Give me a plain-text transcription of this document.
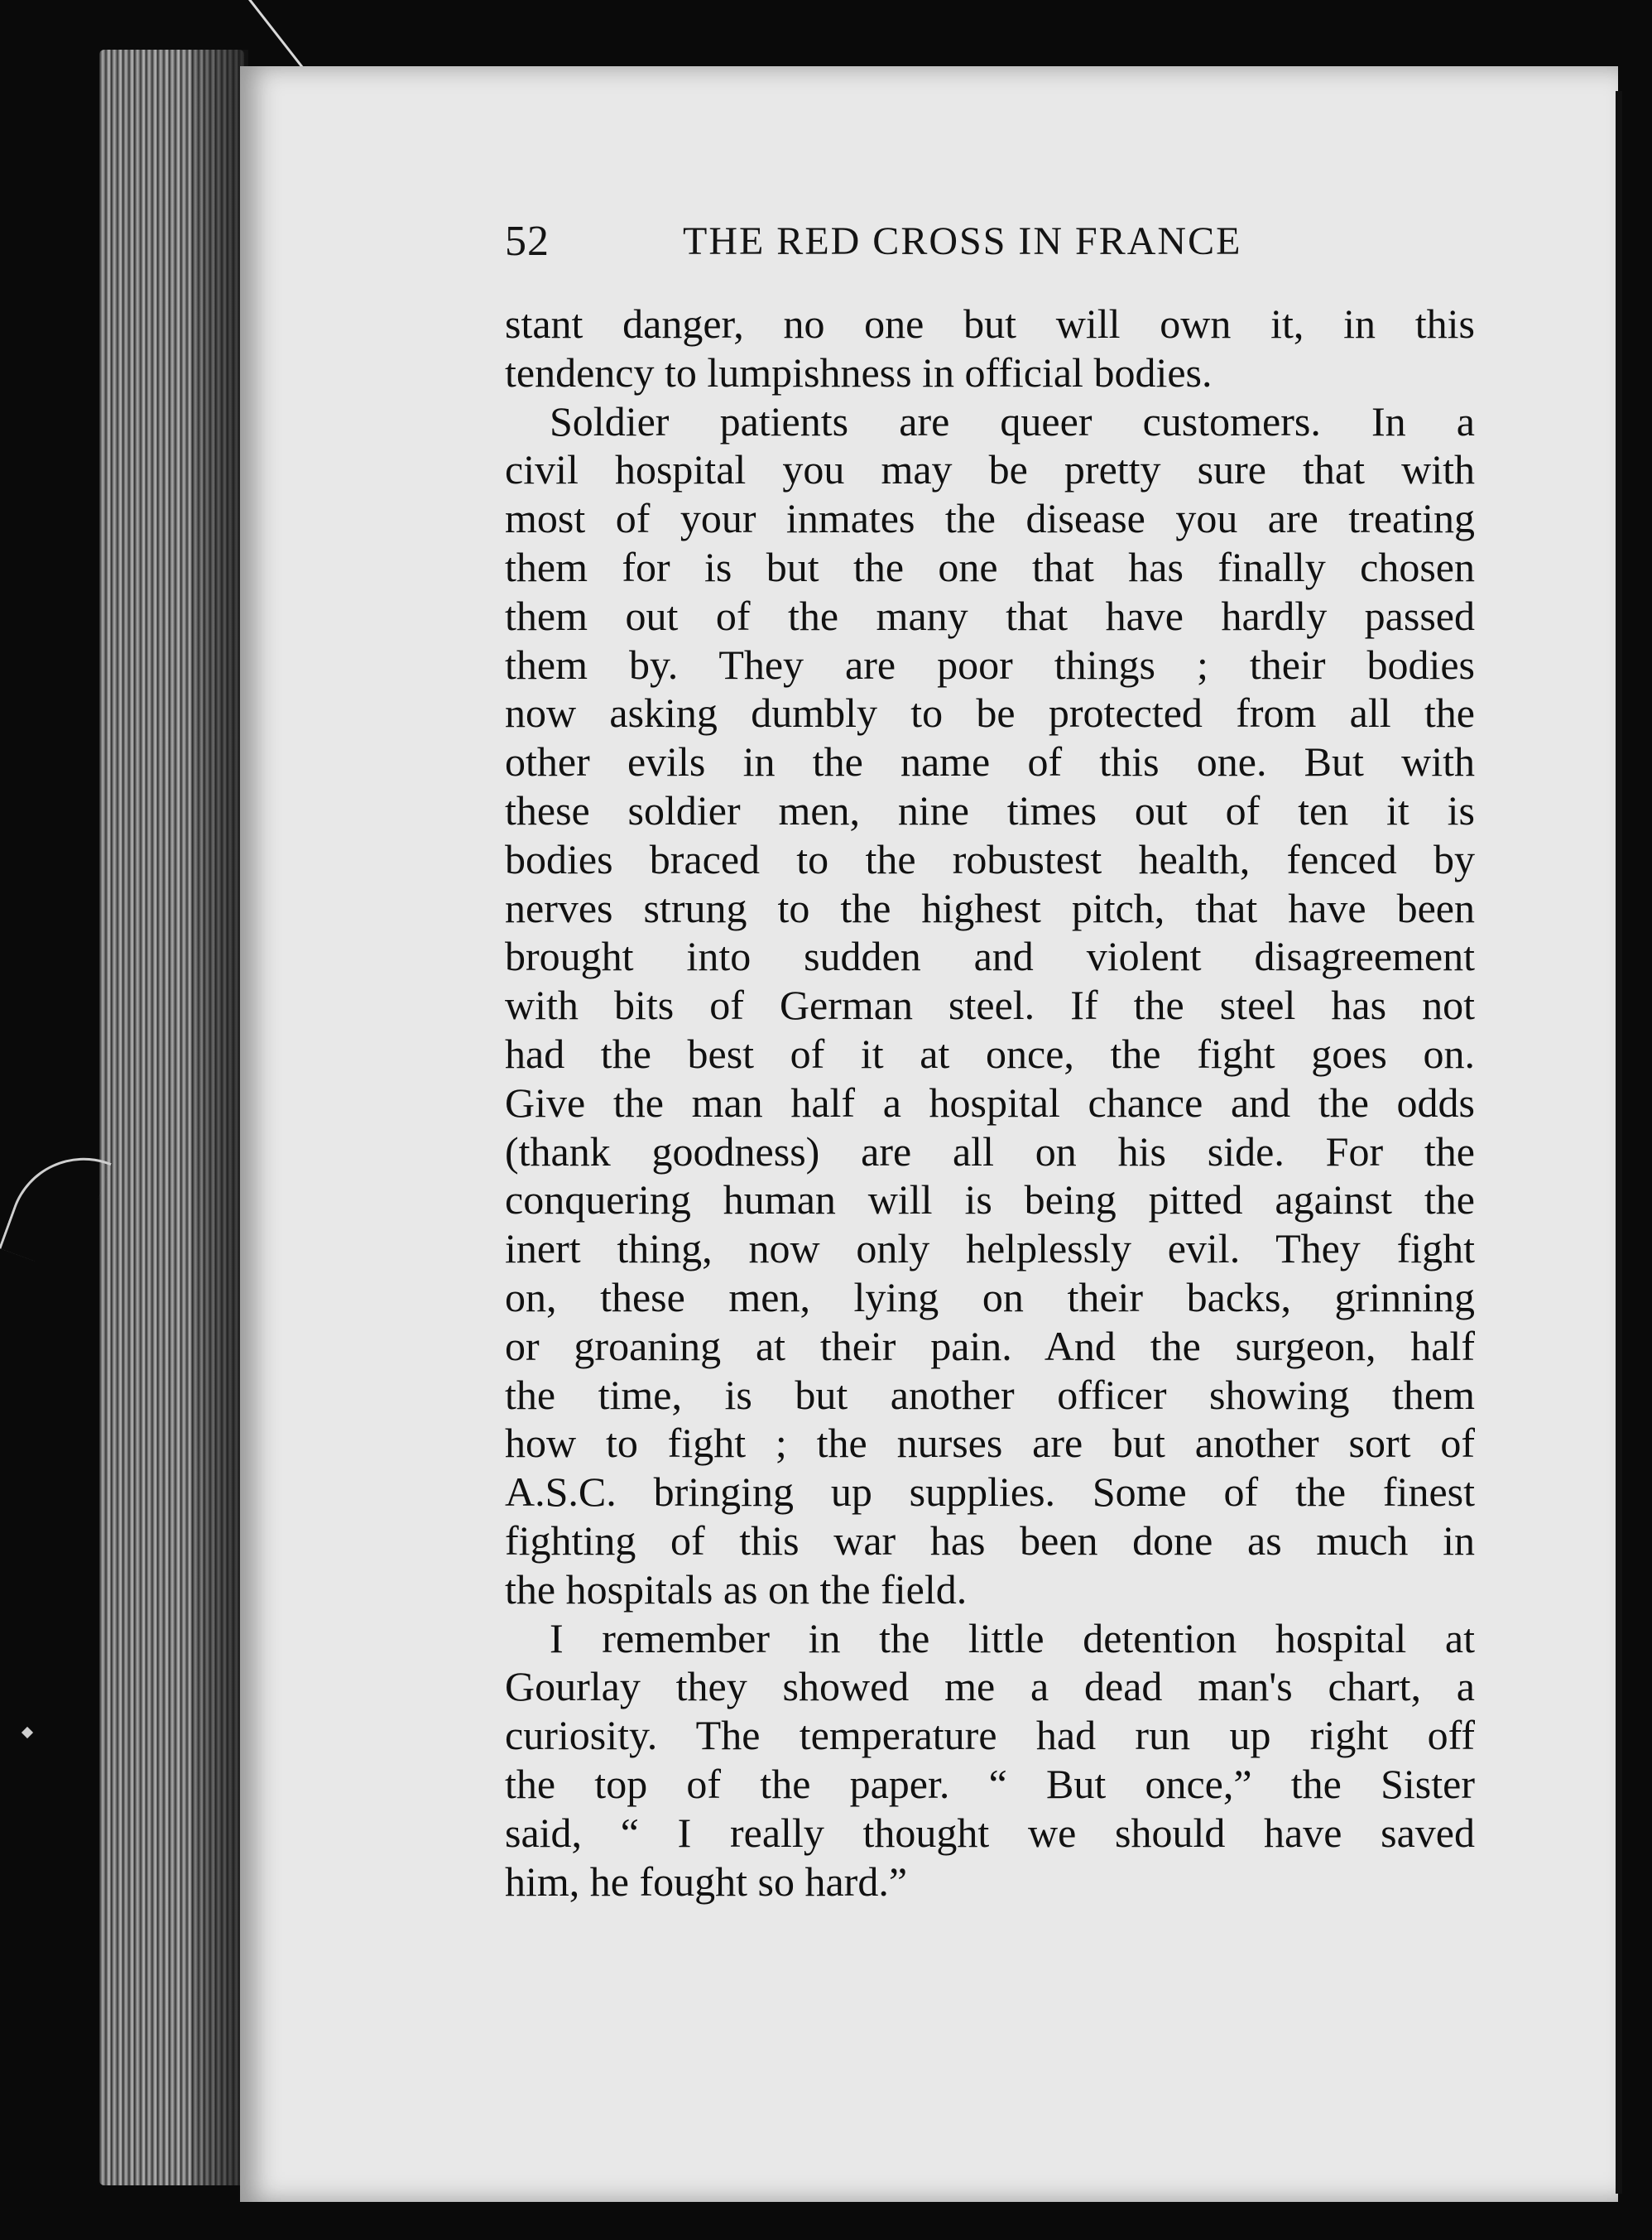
52	THE RED CROSS IN FRANCE
stant danger, no one but will own it, in this
tendency to lumpishness in official bodies.
Soldier patients are queer customers. In a
civil hospital you may be pretty sure that with
most of your inmates the disease you are treating
them for is but the one that has finally chosen
them out of the many that have hardly passed
them by. They are poor things ; their bodies
now asking dumbly to be protected from all the
other evils in the name of this one. But with
these soldier men, nine times out of ten it is
bodies braced to the robustest health, fenced by
nerves strung to the highest pitch, that have been
brought into sudden and violent disagreement
with bits of German steel. If the steel has not
had the best of it at once, the fight goes on.
Give the man half a hospital chance and the odds
(thank goodness) are all on his side. For the
conquering human will is being pitted against the
inert thing, now only helplessly evil. They fight
on, these men, lying on their backs, grinning
or groaning at their pain. And the surgeon, half
the time, is but another officer showing them
how to fight ; the nurses are but another sort of
A.S.C. bringing up supplies. Some of the finest
fighting of this war has been done as much in
the hospitals as on the field.
I remember in the little detention hospital at
Gourlay they showed me a dead man's chart, a
curiosity. The temperature had run up right off
the top of the paper. “ But once,” the Sister
said, “ I really thought we should have saved
him, he fought so hard.”
